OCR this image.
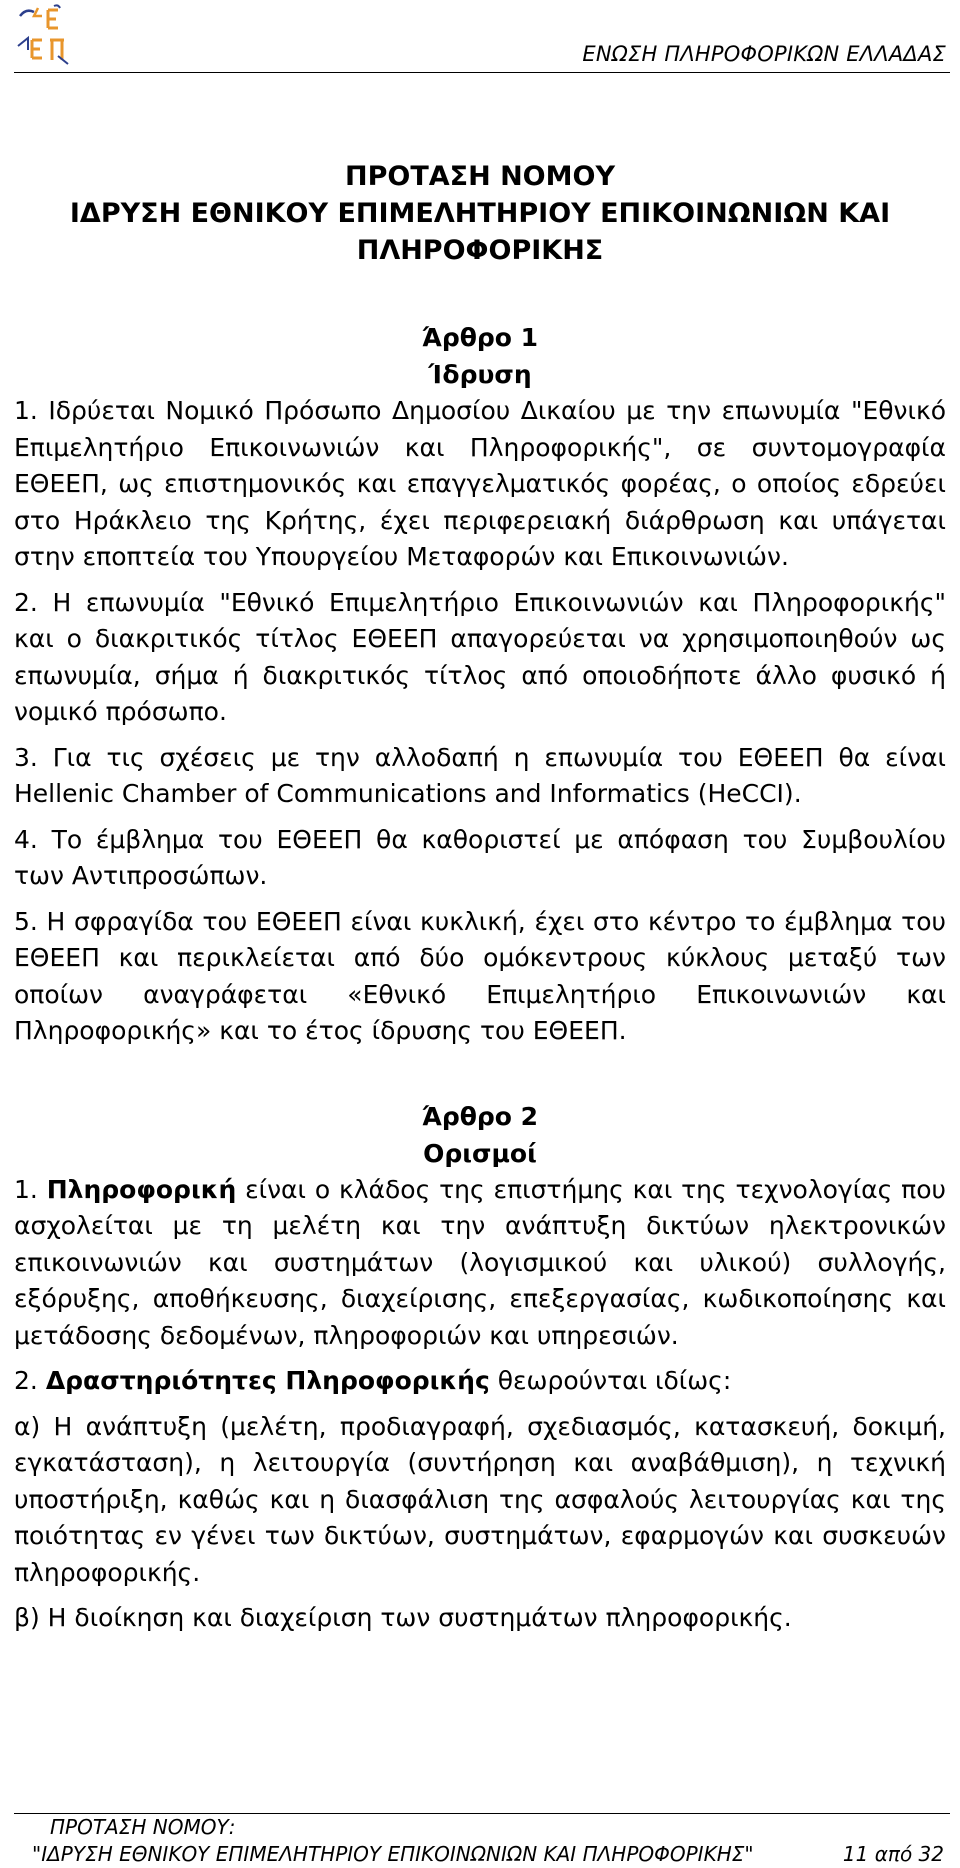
ΕΝΩΣΗ ΠΛΗΡΟΦΟΡΙΚΩΝ ΕΛΛΑΔΑΣ
ΠΡΟΤΑΣΗ ΝΟΜΟΥ
ΙΔΡΥΣΗ ΕΘΝΙΚΟΥ ΕΠΙΜΕΛΗΤΗΡΙΟΥ ΕΠΙΚΟΙΝΩΝΙΩΝ ΚΑΙ
ΠΛΗΡΟΦΟΡΙΚΗΣ
Άρθρο 1
Ίδρυση

1. Ιδρύεται Νομικό Πρόσωπο Δημοσίου Δικαίου με την επωνυμία "Εθνικό Επιμελητήριο Επικοινωνιών και Πληροφορικής", σε συντομογραφία ΕΘΕΕΠ, ως επιστημονικός και επαγγελματικός φορέας, ο οποίος εδρεύει στο Ηράκλειο της Κρήτης, έχει περιφερειακή διάρθρωση και υπάγεται στην εποπτεία του Υπουργείου Μεταφορών και Επικοινωνιών.

2. Η επωνυμία "Εθνικό Επιμελητήριο Επικοινωνιών και Πληροφορικής" και ο διακριτικός τίτλος ΕΘΕΕΠ απαγορεύεται να χρησιμοποιηθούν ως επωνυμία, σήμα ή διακριτικός τίτλος από οποιοδήποτε άλλο φυσικό ή νομικό πρόσωπο.

3. Για τις σχέσεις με την αλλοδαπή η επωνυμία του ΕΘΕΕΠ θα είναι Hellenic Chamber of Communications and Informatics (HeCCI).

4. Το έμβλημα του ΕΘΕΕΠ θα καθοριστεί με απόφαση του Συμβουλίου των Αντιπροσώπων.

5. Η σφραγίδα του ΕΘΕΕΠ είναι κυκλική, έχει στο κέντρο το έμβλημα του ΕΘΕΕΠ και περικλείεται από δύο ομόκεντρους κύκλους μεταξύ των οποίων αναγράφεται «Εθνικό Επιμελητήριο Επικοινωνιών και Πληροφορικής» και το έτος ίδρυσης του ΕΘΕΕΠ.

Άρθρο 2
Ορισμοί

1. Πληροφορική είναι ο κλάδος της επιστήμης και της τεχνολογίας που ασχολείται με τη μελέτη και την ανάπτυξη δικτύων ηλεκτρονικών επικοινωνιών και συστημάτων (λογισμικού και υλικού) συλλογής, εξόρυξης, αποθήκευσης, διαχείρισης, επεξεργασίας, κωδικοποίησης και μετάδοσης δεδομένων, πληροφοριών και υπηρεσιών.

2. Δραστηριότητες Πληροφορικής θεωρούνται ιδίως:

α) Η ανάπτυξη (μελέτη, προδιαγραφή, σχεδιασμός, κατασκευή, δοκιμή, εγκατάσταση), η λειτουργία (συντήρηση και αναβάθμιση), η τεχνική υποστήριξη, καθώς και η διασφάλιση της ασφαλούς λειτουργίας και της ποιότητας εν γένει των δικτύων, συστημάτων, εφαρμογών και συσκευών πληροφορικής.

β) Η διοίκηση και διαχείριση των συστημάτων πληροφορικής.

ΠΡΟΤΑΣΗ ΝΟΜΟΥ:
"ΙΔΡΥΣΗ ΕΘΝΙΚΟΥ ΕΠΙΜΕΛΗΤΗΡΙΟΥ ΕΠΙΚΟΙΝΩΝΙΩΝ ΚΑΙ ΠΛΗΡΟΦΟΡΙΚΗΣ"	11 από 32
